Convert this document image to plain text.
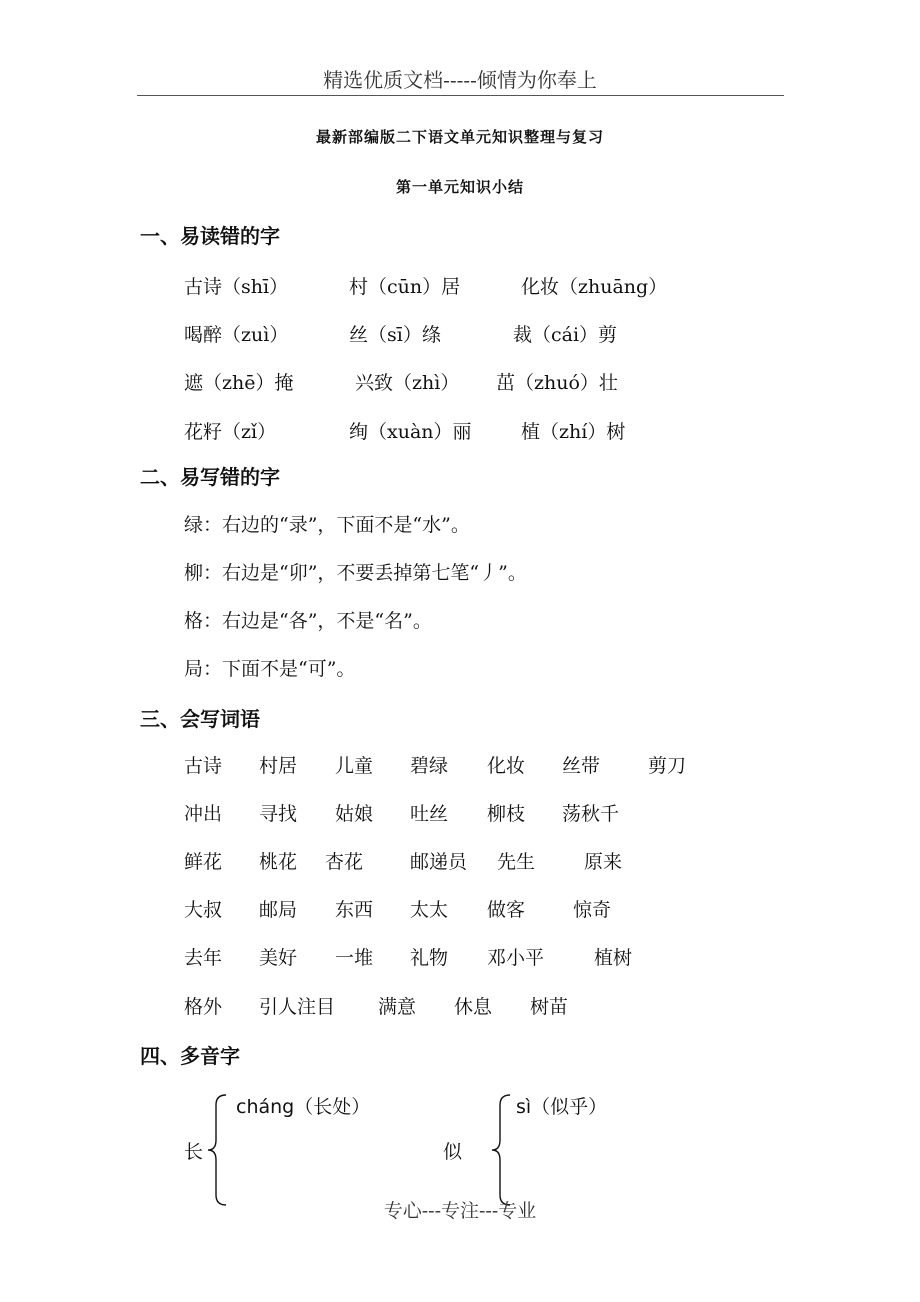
精选优质文档-----倾情为你奉上
最新部编版二下语文单元知识整理与复习
第一单元知识小结
一、易读错的字
古诗（shī）	村（cūn）居	化妆（zhuāng）
喝醉（zuì）	丝（sī）绦	裁（cái）剪
遮（zhē）掩	兴致（zhì） 茁（zhuó）壮
花籽（zǐ）	绚（xuàn）丽	植（zhí）树
二、易写错的字
绿：右边的“录”，下面不是“水”。
柳：右边是“卯”，不要丢掉第七笔“丿”。
格：右边是“各”，不是“名”。
局：下面不是“可”。
三、会写词语
古诗 村居 儿童 碧绿 化妆 丝带	剪刀
冲出 寻找 姑娘 吐丝 柳枝 荡秋千
鲜花 桃花 杏花 邮递员 先生	原来
大叔 邮局 东西 太太 做客	惊奇
去年 美好 一堆 礼物 邓小平	植树
格外 引人注目 满意 休息 树苗
四、多音字
长
cháng（长处）
似
sì（似乎）
专心---专注---专业
